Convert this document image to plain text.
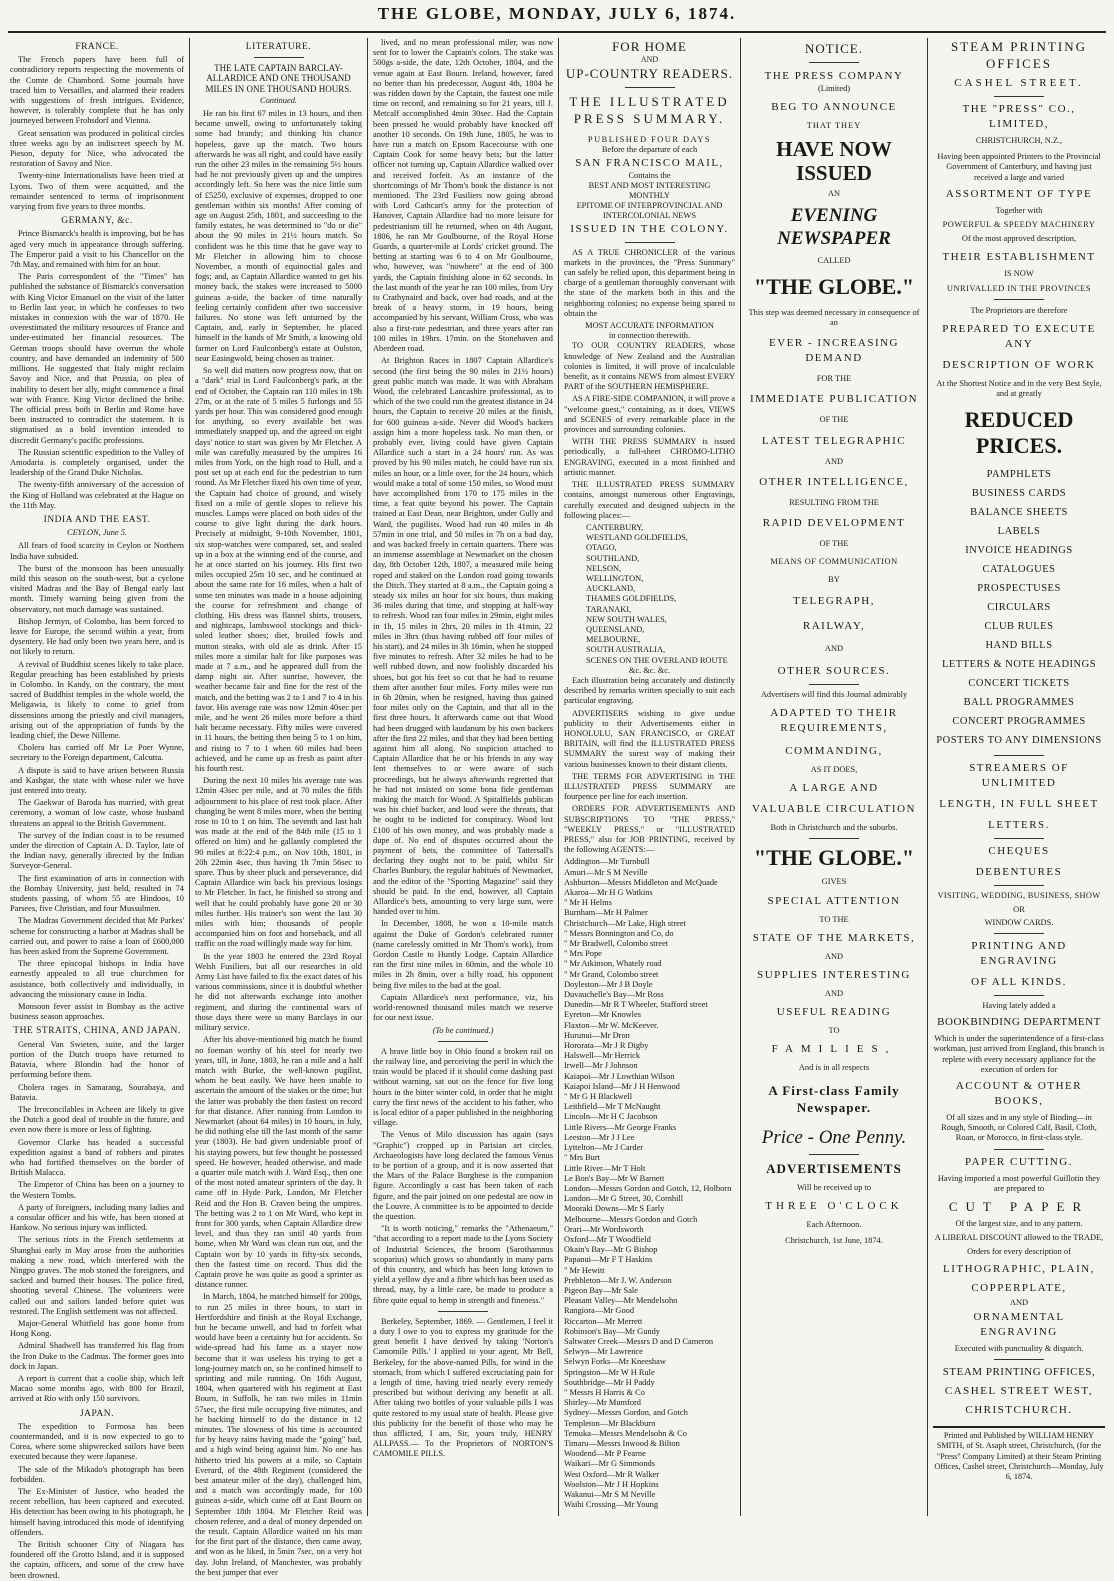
THE GLOBE, MONDAY, JULY 6, 1874.
FRANCE.

The French papers have been full of contradictory reports respecting the movements of the Comte de Chambord. Some journals have traced him to Versailles, and alarmed their readers with suggestions of fresh intrigues. Evidence, however, is tolerably complete that he has only journeyed between Frohsdorf and Vienna.

Great sensation was produced in political circles three weeks ago by an indiscreet speech by M. Pieson, deputy for Nice, who advocated the restoration of Savoy and Nice.

Twenty-nine Internationalists have been tried at Lyons. Two of them were acquitted, and the remainder sentenced to terms of imprisonment varying from five years to three months.

GERMANY, &c.

Prince Bismarck's health is improving, but he has aged very much in appearance through suffering. The Emperor paid a visit to his Chancellor on the 7th May, and remained with him for an hour.

The Paris correspondent of the "Times" has published the substance of Bismarck's conversation with King Victor Emanuel on the visit of the latter to Berlin last year, in which he confesses to two mistakes in connexion with the war of 1870. He overestimated the military resources of France and under-estimated her financial resources. The German troops should have overrun the whole country, and have demanded an indemnity of 500 millions. He suggested that Italy might reclaim Savoy and Nice, and that Prussia, on plea of inability to desert her ally, might commence a final war with France. King Victor declined the bribe. The official press both in Berlin and Rome have been instructed to contradict the statement. It is stigmatised as a bold invention intended to discredit Germany's pacific professions.

The Russian scientific expedition to the Valley of Amodaria is completely organised, under the leadership of the Grand Duke Nicholas.

The twenty-fifth anniversary of the accession of the King of Holland was celebrated at the Hague on the 11th May.

INDIA AND THE EAST.
CEYLON, June 5.

All fears of food scarcity in Ceylon or Northern India have subsided.

The burst of the monsoon has been unusually mild this season on the south-west, but a cyclone visited Madras and the Bay of Bengal early last month. Timely warning being given from the observatory, not much damage was sustained.

Bishop Jermyn, of Colombo, has been forced to leave for Europe, the second within a year, from dysentery. He had only been two years here, and is not likely to return.

A revival of Buddhist scenes likely to take place. Regular preaching has been established by priests in Colombo. In Kandy, on the contrary, the most sacred of Buddhist temples in the whole world, the Meligawia, is likely to come to grief from dissensions among the priestly and civil managers, arising out of the appropriation of funds by the leading chief, the Dewe Nilleme.

Cholera has carried off Mr Le Poer Wynne, secretary to the Foreign department, Calcutta.

A dispute is said to have arisen between Russia and Kashgar, the state with whose ruler we have just entered into treaty.

The Gaekwar of Baroda has married, with great ceremony, a woman of low caste, whose husband threatens an appeal to the British Government.

The survey of the Indian coast is to be resumed under the direction of Captain A. D. Taylor, late of the Indian navy, generally directed by the Indian Surveyor-General.

The first examination of arts in connection with the Bombay University, just held, resulted in 74 students passing, of whom 55 are Hindoos, 10 Parsees, five Christian, and four Mussulmen.

The Madras Government decided that Mr Parkes' scheme for constructing a harbor at Madras shall be carried out, and power to raise a loan of £600,000 has been asked from the Supreme Government.

The three episcopal bishops in India have earnestly appealed to all true churchmen for assistance, both collectively and individually, in advancing the missionary cause in India.

Monsoon fever assist in Bombay as the active business season approaches.

THE STRAITS, CHINA, AND JAPAN.

General Van Swieten, suite, and the larger portion of the Dutch troops have returned to Batavia, where Blondin had the honor of performing before them.

Cholera rages in Samarang, Sourabaya, and Batavia.

The Irreconcilables in Acheen are likely to give the Dutch a good deal of trouble in the future, and even now there is more or less of fighting.

Governor Clarke has headed a successful expedition against a band of robbers and pirates who had fortified themselves on the border of British Malacca.

The Emperor of China has been on a journey to the Western Tombs.

A party of foreigners, including many ladies and a consular officer and his wife, has been stoned at Hankow. No serious injury was inflicted.

The serious riots in the French settlements at Shanghai early in May arose from the authorities making a new road, which interfered with the Ningpo graves. The mob stoned the foreigners, and sacked and burned their houses. The police fired, shooting several Chinese. The volunteers were called out and sailors landed before quiet was restored. The English settlement was not affected.

Major-General Whitfield has gone home from Hong Kong.

Admiral Shadwell has transferred his flag from the Iron Duke to the Cadmus. The former goes into dock in Japan.

A report is current that a coolie ship, which left Macao some months ago, with 800 for Brazil, arrived at Rio with only 150 survivors.

JAPAN.

The expedition to Formosa has been countermanded, and it is now expected to go to Corea, where some shipwrecked sailors have been executed because they were Japanese.

The sale of the Mikado's photograph has been forbidden.

The Ex-Minister of Justice, who headed the recent rebellion, has been captured and executed. His detection has been owing to his photograph, he himself having introduced this mode of identifying offenders.

The British schooner City of Niagara has foundered off the Grotto Island, and it is supposed the captain, officers, and some of the crew have been drowned.

LITERATURE.
THE LATE CAPTAIN BARCLAY-ALLARDICE AND ONE THOUSAND MILES IN ONE THOUSAND HOURS.
Continued.

He ran his first 67 miles in 13 hours, and then became unwell, owing to unfortunately taking some bad brandy; and thinking his chance hopeless, gave up the match. Two hours afterwards he was all right, and could have easily run the other 23 miles in the remaining 5½ hours had he not previously given up and the umpires accordingly left. So here was the nice little sum of £5250, exclusive of expenses, dropped to one gentleman within six months! After coming of age on August 25th, 1801, and succeeding to the family estates, he was determined to "do or die" about the 90 miles in 21½ hours match. So confident was he this time that he gave way to Mr Fletcher in allowing him to choose November, a month of equinoctial gales and fogs; and, as Captain Allardice wanted to get his money back, the stakes were increased to 5000 guineas a-side, the backer of time naturally feeling certainly confident after two successive failures. No stone was left unturned by the Captain, and, early in September, he placed himself in the hands of Mr Smith, a knowing old farmer on Lord Faulconberg's estate at Oulston, near Easingwold, being chosen as trainer.

So well did matters now progress now, that on a "dark" trial in Lord Faulconberg's park, at the end of October, the Captain ran 110 miles in 19h 27m, or at the rate of 5 miles 5 furlongs and 55 yards per hour. This was considered good enough for anything, so every available bet was immediately snapped up, and the agreed on eight days' notice to start was given by Mr Fletcher. A mile was carefully measured by the umpires 16 miles from York, on the high road to Hull, and a post set up at each end for the pedestrian to turn round. As Mr Fletcher fixed his own time of year, the Captain had choice of ground, and wisely fixed on a mile of gentle slopes to relieve his muscles. Lamps were placed on both sides of the course to give light during the dark hours. Precisely at midnight, 9-10th November, 1801, six stop-watches were compared, set, and sealed up in a box at the winning end of the course, and he at once started on his journey. His first two miles occupied 25m 10 sec, and he continued at about the same rate for 16 miles, when a halt of some ten minutes was made in a house adjoining the course for refreshment and change of clothing. His dress was flannel shirts, trousers, and nightcaps, lambswool stockings and thick-soled leather shoes; diet, broiled fowls and mutton steaks, with old ale as drink. After 15 miles more a similar halt for like purposes was made at 7 a.m., and he appeared dull from the damp night air. After sunrise, however, the weather became fair and fine for the rest of the match, and the betting was 2 to 1 and 7 to 4 in his favor. His average rate was now 12min 40sec per mile, and he went 26 miles more before a third halt became necessary. Fifty miles were covered in 11 hours, the betting then being 5 to 1 on him, and rising to 7 to 1 when 60 miles had been achieved, and he came up as fresh as paint after his fourth rest.

During the next 10 miles his average rate was 12min 43sec per mile, and at 70 miles the fifth adjournment to his place of rest took place. After changing he went 8 miles more, when the betting rose to 10 to 1 on him. The seventh and last halt was made at the end of the 84th mile (15 to 1 offered on him) and he gallantly completed the 90 miles at 8:22:4 p.m., on Nov 10th, 1801, in 20h 22min 4sec, thus having 1h 7min 56sec to spare. Thus by sheer pluck and perseverance, did Captain Allardice win back his previous losings to Mr Fletcher. In fact, he finished so strong and well that he could probably have gone 20 or 30 miles further. His trainer's son went the last 30 miles with him; thousands of people accompanied him on foot and horseback, and all traffic on the road willingly made way for him.

In the year 1803 he entered the 23rd Royal Welsh Fusiliers, but all our researches in old Army List have failed to fix the exact dates of his various commissions, since it is doubtful whether he did not afterwards exchange into another regiment, and during the continental wars of those days there were so many Barclays in our military service.

After his above-mentioned big match he found no foeman worthy of his steel for nearly two years, till, in June, 1803, he ran a mile and a half match with Burke, the well-known pugilist, whom he beat easily. We have been unable to ascertain the amount of the stakes or the time; but the latter was probably the then fastest on record for that distance. After running from London to Newmarket (about 64 miles) in 10 hours, in July, he did nothing else till the last month of the same year (1803). He had given undeniable proof of his staying powers, but few thought he possessed speed. He however, headed otherwise, and made a quarter mile match with J. Ward Esq., then one of the most noted amateur sprinters of the day. It came off in Hyde Park, London, Mr Fletcher Reid and the Hon B. Craven being the umpires. The betting was 2 to 1 on Mr Ward, who kept in front for 300 yards, when Captain Allardice drew level, and thus they ran until 40 yards from home, when Mr Ward was clean run out, and the Captain won by 10 yards in fifty-six seconds, then the fastest time on record. Thus did the Captain prove he was quite as good a sprinter as distance runner.

In March, 1804, he matched himself for 200gs, to run 25 miles in three hours, to start in Hertfordshire and finish at the Royal Exchange, but he became unwell, and had to forfeit what would have been a certainty but for accidents. So wide-spread had his fame as a stayer now become that it was useless his trying to get a long-journey match on, so he confined himself to sprinting and mile running. On 16th August, 1804, when quartered with his regiment at East Bourn, in Suffolk, he ran two miles in 11min 57sec, the first mile occupying five minutes, and he backing himself to do the distance in 12 minutes. The slowness of his time is accounted for by heavy rains having made the "going" bad, and a high wind being against him. No one has hitherto tried his powers at a mile, so Captain Everard, of the 48th Regiment (considered the best amateur miler of the day), challenged him, and a match was accordingly made, for 100 guineas a-side, which came off at East Bourn on September 18th 1804. Mr Fletcher Reid was chosen referee, and a deal of money depended on the result. Captain Allardice waited on his man for the first part of the distance, then came away, and won as he liked, in 5min 7sec, on a very hot day. John Ireland, of Manchester, was probably the best jumper that ever

lived, and no mean professional miler, was now sent for to lower the Captain's colors. The stake was 500gs a-side, the date, 12th October, 1804, and the venue again at East Bourn. Ireland, however, fared no better than his predecessor, August 4th, 1804 he was ridden down by the Captain, the fastest one mile time on record, and remaining so for 21 years, till J. Metcalf accomplished 4min 30sec. Had the Captain been pressed he would probably have knocked off another 10 seconds. On 19th June, 1805, he was to have run a match on Epsom Racecourse with one Captain Cook for some heavy bets; but the latter officer not turning up, Captain Allardice walked over and received forfeit. As an instance of the shortcomings of Mr Thom's book the distance is not mentioned. The 23rd Fusiliers now going abroad with Lord Cathcart's army for the protection of Hanover, Captain Allardice had no more leisure for pedestrianism till he returned, when on 4th August, 1806, he ran Mr Goulbourne, of the Royal Horse Guards, a quarter-mile at Lords' cricket ground. The betting at starting was 6 to 4 on Mr Goulbourne, who, however, was "nowhere" at the end of 300 yards, the Captain finishing alone in 62 seconds. In the last month of the year he ran 100 miles, from Ury to Crathynaird and back, over bad roads, and at the break of a heavy storm, in 19 hours, being accompanied by his servant, William Cross, who was also a first-rate pedestrian, and three years after ran 100 miles in 19hrs. 17min. on the Stonehaven and Aberdeen road.

At Brighton Races in 1807 Captain Allardice's second (the first being the 90 miles in 21½ hours) great public match was made. It was with Abraham Wood, the celebrated Lancashire professional, as to which of the two could run the greatest distance in 24 hours, the Captain to receive 20 miles at the finish, for 600 guineas a-side. Never did Wood's backers assign him a more hopeless task. No man then, or probably ever, living could have given Captain Allardice such a start in a 24 hours' run. As was proved by his 90 miles match, he could have run six miles an hour, or a little over, for the 24 hours, which would make a total of some 150 miles, so Wood must have accomplished from 170 to 175 miles in the time, a feat quite beyond his power. The Captain trained at East Dean, near Brighton, under Gully and Ward, the pugilists. Wood had run 40 miles in 4h 57min in one trial, and 50 miles in 7h on a bad day, and was backed freely in certain quarters. There was an immense assemblage at Newmarket on the chosen day, 8th October 12th, 1807, a measured mile being roped and staked on the London road going towards the Ditch. They started at 8 a.m., the Captain going a steady six miles an hour for six hours, thus making 36 miles during that time, and stopping at half-way to refresh. Wood ran four miles in 29min, eight miles in 1h, 15 miles in 2hrs, 20 miles in 1h 41min, 22 miles in 3hrs (thus having rubbed off four miles of his start), and 24 miles in 3h 16min, when he stopped five minutes to refresh. After 32 miles he had to be well rubbed down, and now foolishly discarded his shoes, but got his feet so cut that he had to resume them after another four miles. Forty miles were run in 6h 20min, when he resigned, having thus gained four miles only on the Captain, and that all in the first three hours. It afterwards came out that Wood had been drugged with laudanum by his own backers after the first 22 miles, and that they had been betting against him all along. No suspicion attached to Captain Allardice that he or his friends in any way lent themselves to or were aware of such proceedings, but he always afterwards regretted that he had not insisted on some bona fide gentleman making the match for Wood. A Spitalfields publican was his chief backer, and loud were the threats, that he ought to be indicted for conspiracy. Wood lost £100 of his own money, and was probably made a dupe of. No end of disputes occurred about the payment of bets, the committee of Tattersall's declaring they ought not to be paid, whilst Sir Charles Bunbury, the regular habitués of Newmarket, and the editor of the "Sporting Magazine" said they should be paid. In the end, however, all Captain Allardice's bets, amounting to very large sum, were handed over to him.

In December, 1808, he won a 10-mile match against the Duke of Gordon's celebrated runner (name carelessly omitted in Mr Thom's work), from Gordon Castle to Huntly Lodge. Captain Allardice ran the first nine miles in 60min, and the whole 10 miles in 2h 8min, over a hilly road, his opponent being five miles to the bad at the goal.

Captain Allardice's next performance, viz, his world-renowned thousand miles match we reserve for our next issue.

(To be continued.)

A brave little boy in Ohio found a broken rail on the railway line, and perceiving the peril in which the train would be placed if it should come dashing past without warning, sat out on the fence for five long hours in the bitter winter cold, in order that he might carry the first news of the accident to his father, who is local editor of a paper published in the neighboring village.

The Venus of Milo discussion has again (says "Graphic") cropped up in Parisian art circles. Archaeologists have long declared the famous Venus to be portion of a group, and it is now asserted that the Mars of the Palace Borghese is the companion figure. Accordingly a cast has been taken of each figure, and the pair joined on one pedestal are now in the Louvre. A committee is to be appointed to decide the question.

"It is worth noticing," remarks the "Athenaeum," "that according to a report made to the Lyons Society of Industrial Sciences, the broom (Sarothamnus scoparius) which grows so abundantly in many parts of this country, and which has been long known to yield a yellow dye and a fibre which has been used as thread, may, by a little care, be made to produce a fibre quite equal to hemp in strength and fineness."

Berkeley, September, 1869. — Gentlemen, I feel it a duty I owe to you to express my gratitude for the great benefit I have derived by taking 'Norton's Camomile Pills.' I applied to your agent, Mr Bell, Berkeley, for the above-named Pills, for wind in the stomach, from which I suffered excruciating pain for a length of time, having tried nearly every remedy prescribed but without deriving any benefit at all. After taking two bottles of your valuable pills I was quite restored to my usual state of health. Please give this publicity for the benefit of those who may be thus afflicted, I am, Sir, yours truly, HENRY ALLPASS.— To the Proprietors of NORTON'S CAMOMILE PILLS.

FOR HOME
AND
UP-COUNTRY READERS.
THE ILLUSTRATED
PRESS SUMMARY.
PUBLISHED FOUR DAYS
Before the departure of each
SAN FRANCISCO MAIL,
Contains the
BEST AND MOST INTERESTING
MONTHLY
EPITOME OF INTERPROVINCIAL AND
INTERCOLONIAL NEWS
ISSUED IN THE COLONY.

AS A TRUE CHRONICLER of the various markets in the provinces, the "Press Summary" can safely be relied upon, this department being in charge of a gentleman thoroughly conversant with the state of the markets both in this and the neighboring colonies; no expense being spared to obtain the

MOST ACCURATE INFORMATION
in connection therewith.

TO OUR COUNTRY READERS, whose knowledge of New Zealand and the Australian colonies is limited, it will prove of incalculable benefit, as it contains NEWS from almost EVERY PART of the SOUTHERN HEMISPHERE.

AS A FIRE-SIDE COMPANION, it will prove a "welcome guest," containing, as it does, VIEWS and SCENES of every remarkable place in the provinces and surrounding colonies.

WITH THE PRESS SUMMARY is issued periodically, a full-sheet CHROMO-LITHO ENGRAVING, executed in a most finished and artistic manner.

THE ILLUSTRATED PRESS SUMMARY contains, amongst numerous other Engravings, carefully executed and designed subjects in the following places:—

CANTERBURY,
WESTLAND GOLDFIELDS,
OTAGO,
SOUTHLAND,
NELSON,
WELLINGTON,
AUCKLAND,
THAMES GOLDFIELDS,
TARANAKI,
NEW SOUTH WALES,
QUEENSLAND,
MELBOURNE,
SOUTH AUSTRALIA,
SCENES ON THE OVERLAND ROUTE
&c. &c. &c.

Each illustration being accurately and distinctly described by remarks written specially to suit each particular engraving.

ADVERTISERS wishing to give undue publicity to their Advertisements either in HONOLULU, SAN FRANCISCO, or GREAT BRITAIN, will find the ILLUSTRATED PRESS SUMMARY the surest way of making their various businesses known to their distant clients.

THE TERMS FOR ADVERTISING in THE ILLUSTRATED PRESS SUMMARY are fourpence per line for each insertion.

ORDERS FOR ADVERTISEMENTS AND SUBSCRIPTIONS TO "THE PRESS," "WEEKLY PRESS," or "ILLUSTRATED PRESS," also for JOB PRINTING, received by the following AGENTS:—

Addington—Mr Turnbull
Amuri—Mr S M Neville
Ashburton—Messrs Middleton and McQuade
Akaroa—Mr H G Watkins
" Mr H Helms
Burnham—Mr H Palmer
Christchurch—Mr Lake, High street
" Messrs Bonnington and Co, do
" Mr Bradwell, Colombo street
" Mrs Pope
" Mr Atkinson, Whately road
" Mr Grand, Colombo street
Doyleston—Mr J B Doyle
Duvauchelle's Bay—Mr Ross
Dunedin—Mr R T Wheeler, Stafford street
Eyreton—Mr Knowles
Flaxton—Mr W. McKeever.
Hurunui—Mr Dron
Hororata—Mr J R Digby
Halswell—Mr Herrick
Irwell—Mr J Johnson
Kaiapoi—Mr J Lowthian Wilson
Kaiapoi Island—Mr J H Henwood
" Mr G H Blackwell
Leithfield—Mr T McNaught
Lincoln—Mr H C Jacobson
Little Rivers—Mr George Franks
Leeston—Mr J J Lee
Lyttelton—Mr J Carder
" Mrs Burt
Little River—Mr T Holt
Le Bon's Bay—Mr W Barnett
London—Messrs Gordon and Gotch, 12, Holborn
London—Mr G Street, 30, Cornhill
Mooraki Downs—Mr S Early
Melbourne—Messrs Gordon and Gotch
Orari—Mr Wordsworth
Oxford—Mr T Woodfield
Okain's Bay—Mr G Bishop
Papanui—Mr F T Haskins
" Mr Hewitt
Prebbleton—Mr J. W. Anderson
Pigeon Bay—Mr Sale
Pleasant Valley—Mr Mendelsohn
Rangiora—Mr Good
Riccarton—Mr Merrett
Robinson's Bay—Mr Gundy
Saltwater Creek—Messrs D and D Cameron
Selwyn—Mr Lawrence
Selwyn Forks—Mr Kneeshaw
Springston—Mr W H Rule
Southbridge—Mr H Paddy
" Messrs H Harris & Co
Shirley—Mr Mumford
Sydney—Messrs Gordon, and Gotch
Templeton—Mr Blackburn
Temuka—Messrs Mendelsohn & Co
Timaru—Messrs Inwood & Bilton
Woodend—Mr P Fearne
Waikari—Mr G Simmonds
West Oxford—Mr R Walker
Woolston—Mr J H Hopkins
Wakanui—Mr S M Neville
Waihi Crossing—Mr Young
NOTICE.
THE PRESS COMPANY
(Limited)
BEG TO ANNOUNCE
THAT THEY
HAVE NOW ISSUED
AN
EVENING NEWSPAPER
CALLED
"THE GLOBE."
This step was deemed necessary in consequence of an
EVER - INCREASING DEMAND
FOR THE
IMMEDIATE PUBLICATION
OF THE
LATEST TELEGRAPHIC
AND
OTHER INTELLIGENCE,
RESULTING FROM THE
RAPID DEVELOPMENT
OF THE
MEANS OF COMMUNICATION
BY
TELEGRAPH,
RAILWAY,
AND
OTHER SOURCES.
Advertisers will find this Journal admirably
ADAPTED TO THEIR REQUIREMENTS,
COMMANDING,
AS IT DOES,
A LARGE AND
VALUABLE CIRCULATION
Both in Christchurch and the suburbs.
"THE GLOBE."
GIVES
SPECIAL ATTENTION
TO THE
STATE OF THE MARKETS,
AND
SUPPLIES INTERESTING
AND
USEFUL READING
TO
FAMILIES,
And is in all respects
A First-class Family Newspaper.
Price - One Penny.
ADVERTISEMENTS
Will be received up to
THREE O'CLOCK
Each Afternoon.
Christchurch, 1st June, 1874.
STEAM PRINTING OFFICES
CASHEL STREET.
THE "PRESS" CO., LIMITED,
CHRISTCHURCH, N.Z.,

Having been appointed Printers to the Provincial Government of Canterbury, and having just received a large and varied

ASSORTMENT OF TYPE
Together with
POWERFUL & SPEEDY MACHINERY
Of the most approved description,
THEIR ESTABLISHMENT
IS NOW
UNRIVALLED IN THE PROVINCES
The Proprietors are therefore
PREPARED TO EXECUTE ANY
DESCRIPTION OF WORK
At the Shortest Notice and in the very Best Style, and at greatly
REDUCED PRICES.
PAMPHLETS
BUSINESS CARDS
BALANCE SHEETS
LABELS
INVOICE HEADINGS
CATALOGUES
PROSPECTUSES
CIRCULARS
CLUB RULES
HAND BILLS
LETTERS & NOTE HEADINGS
CONCERT TICKETS
BALL PROGRAMMES
CONCERT PROGRAMMES
POSTERS TO ANY DIMENSIONS
STREAMERS OF UNLIMITED
LENGTH, IN FULL SHEET
LETTERS.
CHEQUES
DEBENTURES
VISITING, WEDDING, BUSINESS, SHOW
OR
WINDOW CARDS.
PRINTING AND ENGRAVING
OF ALL KINDS.
Having lately added a
BOOKBINDING DEPARTMENT

Which is under the superintendence of a first-class workman, just arrived from England, this branch is replete with every necessary appliance for the execution of orders for

ACCOUNT & OTHER BOOKS,

Of all sizes and in any style of Binding—in Rough, Smooth, or Colored Calf, Basil, Cloth, Roan, or Morocco, in first-class style.

PAPER CUTTING.

Having imported a most powerful Guillotin they are prepared to

CUT PAPER
Of the largest size, and to any pattern.
A LIBERAL DISCOUNT allowed to the TRADE,
Orders for every description of
LITHOGRAPHIC, PLAIN,
COPPERPLATE,
AND
ORNAMENTAL ENGRAVING
Executed with punctuality & dispatch.
STEAM PRINTING OFFICES,
CASHEL STREET WEST,
CHRISTCHURCH.
Printed and Published by WILLIAM HENRY SMITH, of St. Asaph street, Christchurch, (for the "Press" Company Limited) at their Steam Printing Offices, Cashel street, Christchurch—Monday, July 6, 1874.
